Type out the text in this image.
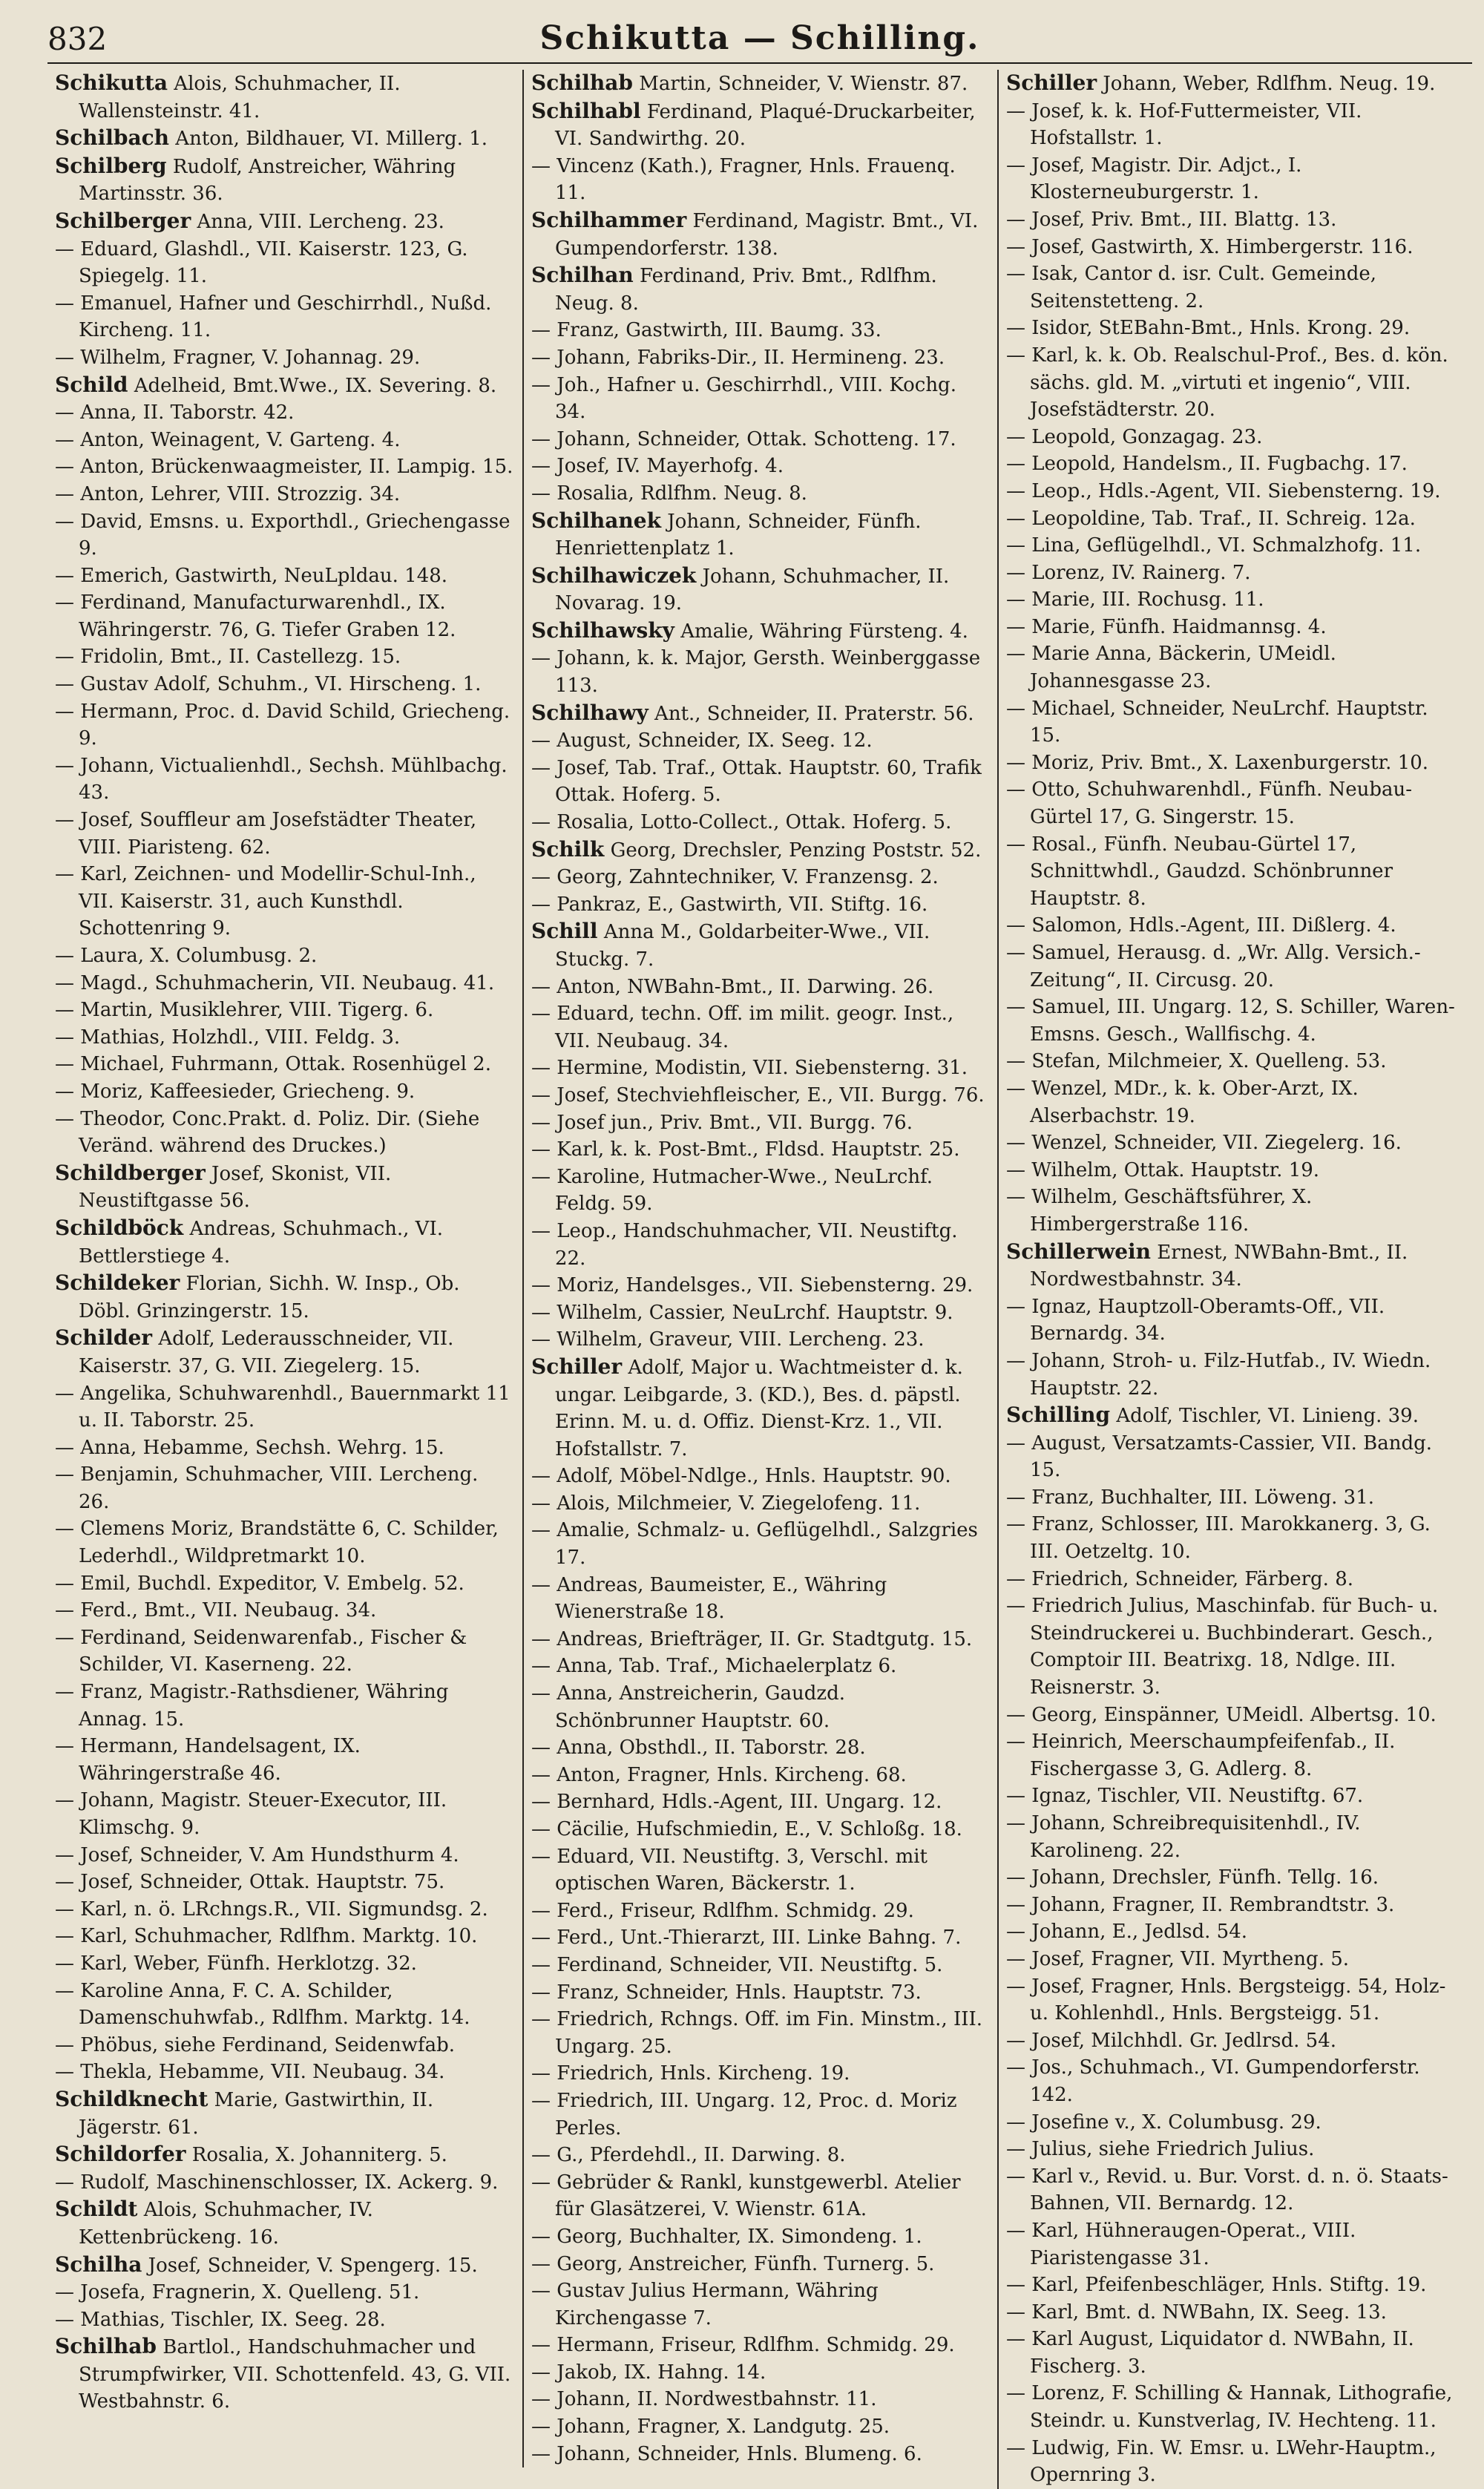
832	Schikutta — Schilling.

Schikutta Alois, Schuhmacher, II. Wallensteinstr. 41.

Schilbach Anton, Bildhauer, VI. Millerg. 1.

Schilberg Rudolf, Anstreicher, Währing Martinsstr. 36.

Schilberger Anna, VIII. Lercheng. 23.

— Eduard, Glashdl., VII. Kaiserstr. 123, G. Spiegelg. 11.

— Emanuel, Hafner und Geschirrhdl., Nußd. Kircheng. 11.

— Wilhelm, Fragner, V. Johannag. 29.

Schild Adelheid, Bmt.Wwe., IX. Severing. 8.

— Anna, II. Taborstr. 42.

— Anton, Weinagent, V. Garteng. 4.

— Anton, Brückenwaagmeister, II. Lampig. 15.

— Anton, Lehrer, VIII. Strozzig. 34.

— David, Emsns. u. Exporthdl., Griechengasse 9.

— Emerich, Gastwirth, NeuLpldau. 148.

— Ferdinand, Manufacturwarenhdl., IX. Währingerstr. 76, G. Tiefer Graben 12.

— Fridolin, Bmt., II. Castellezg. 15.

— Gustav Adolf, Schuhm., VI. Hirscheng. 1.

— Hermann, Proc. d. David Schild, Griecheng. 9.

— Johann, Victualienhdl., Sechsh. Mühlbachg. 43.

— Josef, Souffleur am Josefstädter Theater, VIII. Piaristeng. 62.

— Karl, Zeichnen- und Modellir-Schul-Inh., VII. Kaiserstr. 31, auch Kunsthdl. Schottenring 9.

— Laura, X. Columbusg. 2.

— Magd., Schuhmacherin, VII. Neubaug. 41.

— Martin, Musiklehrer, VIII. Tigerg. 6.

— Mathias, Holzhdl., VIII. Feldg. 3.

— Michael, Fuhrmann, Ottak. Rosenhügel 2.

— Moriz, Kaffeesieder, Griecheng. 9.

— Theodor, Conc.Prakt. d. Poliz. Dir. (Siehe Veränd. während des Druckes.)

Schildberger Josef, Skonist, VII. Neustiftgasse 56.

Schildböck Andreas, Schuhmach., VI. Bettlerstiege 4.

Schildeker Florian, Sichh. W. Insp., Ob. Döbl. Grinzingerstr. 15.

Schilder Adolf, Lederausschneider, VII. Kaiserstr. 37, G. VII. Ziegelerg. 15.

— Angelika, Schuhwarenhdl., Bauernmarkt 11 u. II. Taborstr. 25.

— Anna, Hebamme, Sechsh. Wehrg. 15.

— Benjamin, Schuhmacher, VIII. Lercheng. 26.

— Clemens Moriz, Brandstätte 6, C. Schilder, Lederhdl., Wildpretmarkt 10.

— Emil, Buchdl. Expeditor, V. Embelg. 52.

— Ferd., Bmt., VII. Neubaug. 34.

— Ferdinand, Seidenwarenfab., Fischer & Schilder, VI. Kaserneng. 22.

— Franz, Magistr.-Rathsdiener, Währing Annag. 15.

— Hermann, Handelsagent, IX. Währingerstraße 46.

— Johann, Magistr. Steuer-Executor, III. Klimschg. 9.

— Josef, Schneider, V. Am Hundsthurm 4.

— Josef, Schneider, Ottak. Hauptstr. 75.

— Karl, n. ö. LRchngs.R., VII. Sigmundsg. 2.

— Karl, Schuhmacher, Rdlfhm. Marktg. 10.

— Karl, Weber, Fünfh. Herklotzg. 32.

— Karoline Anna, F. C. A. Schilder, Damenschuhwfab., Rdlfhm. Marktg. 14.

— Phöbus, siehe Ferdinand, Seidenwfab.

— Thekla, Hebamme, VII. Neubaug. 34.

Schildknecht Marie, Gastwirthin, II. Jägerstr. 61.

Schildorfer Rosalia, X. Johanniterg. 5.

— Rudolf, Maschinenschlosser, IX. Ackerg. 9.

Schildt Alois, Schuhmacher, IV. Kettenbrückeng. 16.

Schilha Josef, Schneider, V. Spengerg. 15.

— Josefa, Fragnerin, X. Quelleng. 51.

— Mathias, Tischler, IX. Seeg. 28.

Schilhab Bartlol., Handschuhmacher und Strumpfwirker, VII. Schottenfeld. 43, G. VII. Westbahnstr. 6.

Schilhab Martin, Schneider, V. Wienstr. 87.

Schilhabl Ferdinand, Plaqué-Druckarbeiter, VI. Sandwirthg. 20.

— Vincenz (Kath.), Fragner, Hnls. Frauenq. 11.

Schilhammer Ferdinand, Magistr. Bmt., VI. Gumpendorferstr. 138.

Schilhan Ferdinand, Priv. Bmt., Rdlfhm. Neug. 8.

— Franz, Gastwirth, III. Baumg. 33.

— Johann, Fabriks-Dir., II. Hermineng. 23.

— Joh., Hafner u. Geschirrhdl., VIII. Kochg. 34.

— Johann, Schneider, Ottak. Schotteng. 17.

— Josef, IV. Mayerhofg. 4.

— Rosalia, Rdlfhm. Neug. 8.

Schilhanek Johann, Schneider, Fünfh. Henriettenplatz 1.

Schilhawiczek Johann, Schuhmacher, II. Novarag. 19.

Schilhawsky Amalie, Währing Fürsteng. 4.

— Johann, k. k. Major, Gersth. Weinberggasse 113.

Schilhawy Ant., Schneider, II. Praterstr. 56.

— August, Schneider, IX. Seeg. 12.

— Josef, Tab. Traf., Ottak. Hauptstr. 60, Trafik Ottak. Hoferg. 5.

— Rosalia, Lotto-Collect., Ottak. Hoferg. 5.

Schilk Georg, Drechsler, Penzing Poststr. 52.

— Georg, Zahntechniker, V. Franzensg. 2.

— Pankraz, E., Gastwirth, VII. Stiftg. 16.

Schill Anna M., Goldarbeiter-Wwe., VII. Stuckg. 7.

— Anton, NWBahn-Bmt., II. Darwing. 26.

— Eduard, techn. Off. im milit. geogr. Inst., VII. Neubaug. 34.

— Hermine, Modistin, VII. Siebensterng. 31.

— Josef, Stechviehfleischer, E., VII. Burgg. 76.

— Josef jun., Priv. Bmt., VII. Burgg. 76.

— Karl, k. k. Post-Bmt., Fldsd. Hauptstr. 25.

— Karoline, Hutmacher-Wwe., NeuLrchf. Feldg. 59.

— Leop., Handschuhmacher, VII. Neustiftg. 22.

— Moriz, Handelsges., VII. Siebensterng. 29.

— Wilhelm, Cassier, NeuLrchf. Hauptstr. 9.

— Wilhelm, Graveur, VIII. Lercheng. 23.

Schiller Adolf, Major u. Wachtmeister d. k. ungar. Leibgarde, 3. (KD.), Bes. d. päpstl. Erinn. M. u. d. Offiz. Dienst-Krz. 1., VII. Hofstallstr. 7.

— Adolf, Möbel-Ndlge., Hnls. Hauptstr. 90.

— Alois, Milchmeier, V. Ziegelofeng. 11.

— Amalie, Schmalz- u. Geflügelhdl., Salzgries 17.

— Andreas, Baumeister, E., Währing Wienerstraße 18.

— Andreas, Briefträger, II. Gr. Stadtgutg. 15.

— Anna, Tab. Traf., Michaelerplatz 6.

— Anna, Anstreicherin, Gaudzd. Schönbrunner Hauptstr. 60.

— Anna, Obsthdl., II. Taborstr. 28.

— Anton, Fragner, Hnls. Kircheng. 68.

— Bernhard, Hdls.-Agent, III. Ungarg. 12.

— Cäcilie, Hufschmiedin, E., V. Schloßg. 18.

— Eduard, VII. Neustiftg. 3, Verschl. mit optischen Waren, Bäckerstr. 1.

— Ferd., Friseur, Rdlfhm. Schmidg. 29.

— Ferd., Unt.-Thierarzt, III. Linke Bahng. 7.

— Ferdinand, Schneider, VII. Neustiftg. 5.

— Franz, Schneider, Hnls. Hauptstr. 73.

— Friedrich, Rchngs. Off. im Fin. Minstm., III. Ungarg. 25.

— Friedrich, Hnls. Kircheng. 19.

— Friedrich, III. Ungarg. 12, Proc. d. Moriz Perles.

— G., Pferdehdl., II. Darwing. 8.

— Gebrüder & Rankl, kunstgewerbl. Atelier für Glasätzerei, V. Wienstr. 61A.

— Georg, Buchhalter, IX. Simondeng. 1.

— Georg, Anstreicher, Fünfh. Turnerg. 5.

— Gustav Julius Hermann, Währing Kirchengasse 7.

— Hermann, Friseur, Rdlfhm. Schmidg. 29.

— Jakob, IX. Hahng. 14.

— Johann, II. Nordwestbahnstr. 11.

— Johann, Fragner, X. Landgutg. 25.

— Johann, Schneider, Hnls. Blumeng. 6.

Schiller Johann, Weber, Rdlfhm. Neug. 19.

— Josef, k. k. Hof-Futtermeister, VII. Hofstallstr. 1.

— Josef, Magistr. Dir. Adjct., I. Klosterneuburgerstr. 1.

— Josef, Priv. Bmt., III. Blattg. 13.

— Josef, Gastwirth, X. Himbergerstr. 116.

— Isak, Cantor d. isr. Cult. Gemeinde, Seitenstetteng. 2.

— Isidor, StEBahn-Bmt., Hnls. Krong. 29.

— Karl, k. k. Ob. Realschul-Prof., Bes. d. kön. sächs. gld. M. „virtuti et ingenio“, VIII. Josefstädterstr. 20.

— Leopold, Gonzagag. 23.

— Leopold, Handelsm., II. Fugbachg. 17.

— Leop., Hdls.-Agent, VII. Siebensterng. 19.

— Leopoldine, Tab. Traf., II. Schreig. 12a.

— Lina, Geflügelhdl., VI. Schmalzhofg. 11.

— Lorenz, IV. Rainerg. 7.

— Marie, III. Rochusg. 11.

— Marie, Fünfh. Haidmannsg. 4.

— Marie Anna, Bäckerin, UMeidl. Johannesgasse 23.

— Michael, Schneider, NeuLrchf. Hauptstr. 15.

— Moriz, Priv. Bmt., X. Laxenburgerstr. 10.

— Otto, Schuhwarenhdl., Fünfh. Neubau-Gürtel 17, G. Singerstr. 15.

— Rosal., Fünfh. Neubau-Gürtel 17, Schnittwhdl., Gaudzd. Schönbrunner Hauptstr. 8.

— Salomon, Hdls.-Agent, III. Dißlerg. 4.

— Samuel, Herausg. d. „Wr. Allg. Versich.-Zeitung“, II. Circusg. 20.

— Samuel, III. Ungarg. 12, S. Schiller, Waren-Emsns. Gesch., Wallfischg. 4.

— Stefan, Milchmeier, X. Quelleng. 53.

— Wenzel, MDr., k. k. Ober-Arzt, IX. Alserbachstr. 19.

— Wenzel, Schneider, VII. Ziegelerg. 16.

— Wilhelm, Ottak. Hauptstr. 19.

— Wilhelm, Geschäftsführer, X. Himbergerstraße 116.

Schillerwein Ernest, NWBahn-Bmt., II. Nordwestbahnstr. 34.

— Ignaz, Hauptzoll-Oberamts-Off., VII. Bernardg. 34.

— Johann, Stroh- u. Filz-Hutfab., IV. Wiedn. Hauptstr. 22.

Schilling Adolf, Tischler, VI. Linieng. 39.

— August, Versatzamts-Cassier, VII. Bandg. 15.

— Franz, Buchhalter, III. Löweng. 31.

— Franz, Schlosser, III. Marokkanerg. 3, G. III. Oetzeltg. 10.

— Friedrich, Schneider, Färberg. 8.

— Friedrich Julius, Maschinfab. für Buch- u. Steindruckerei u. Buchbinderart. Gesch., Comptoir III. Beatrixg. 18, Ndlge. III. Reisnerstr. 3.

— Georg, Einspänner, UMeidl. Albertsg. 10.

— Heinrich, Meerschaumpfeifenfab., II. Fischergasse 3, G. Adlerg. 8.

— Ignaz, Tischler, VII. Neustiftg. 67.

— Johann, Schreibrequisitenhdl., IV. Karolineng. 22.

— Johann, Drechsler, Fünfh. Tellg. 16.

— Johann, Fragner, II. Rembrandtstr. 3.

— Johann, E., Jedlsd. 54.

— Josef, Fragner, VII. Myrtheng. 5.

— Josef, Fragner, Hnls. Bergsteigg. 54, Holz- u. Kohlenhdl., Hnls. Bergsteigg. 51.

— Josef, Milchhdl. Gr. Jedlrsd. 54.

— Jos., Schuhmach., VI. Gumpendorferstr. 142.

— Josefine v., X. Columbusg. 29.

— Julius, siehe Friedrich Julius.

— Karl v., Revid. u. Bur. Vorst. d. n. ö. Staats-Bahnen, VII. Bernardg. 12.

— Karl, Hühneraugen-Operat., VIII. Piaristengasse 31.

— Karl, Pfeifenbeschläger, Hnls. Stiftg. 19.

— Karl, Bmt. d. NWBahn, IX. Seeg. 13.

— Karl August, Liquidator d. NWBahn, II. Fischerg. 3.

— Lorenz, F. Schilling & Hannak, Lithografie, Steindr. u. Kunstverlag, IV. Hechteng. 11.

— Ludwig, Fin. W. Emsr. u. LWehr-Hauptm., Opernring 3.
